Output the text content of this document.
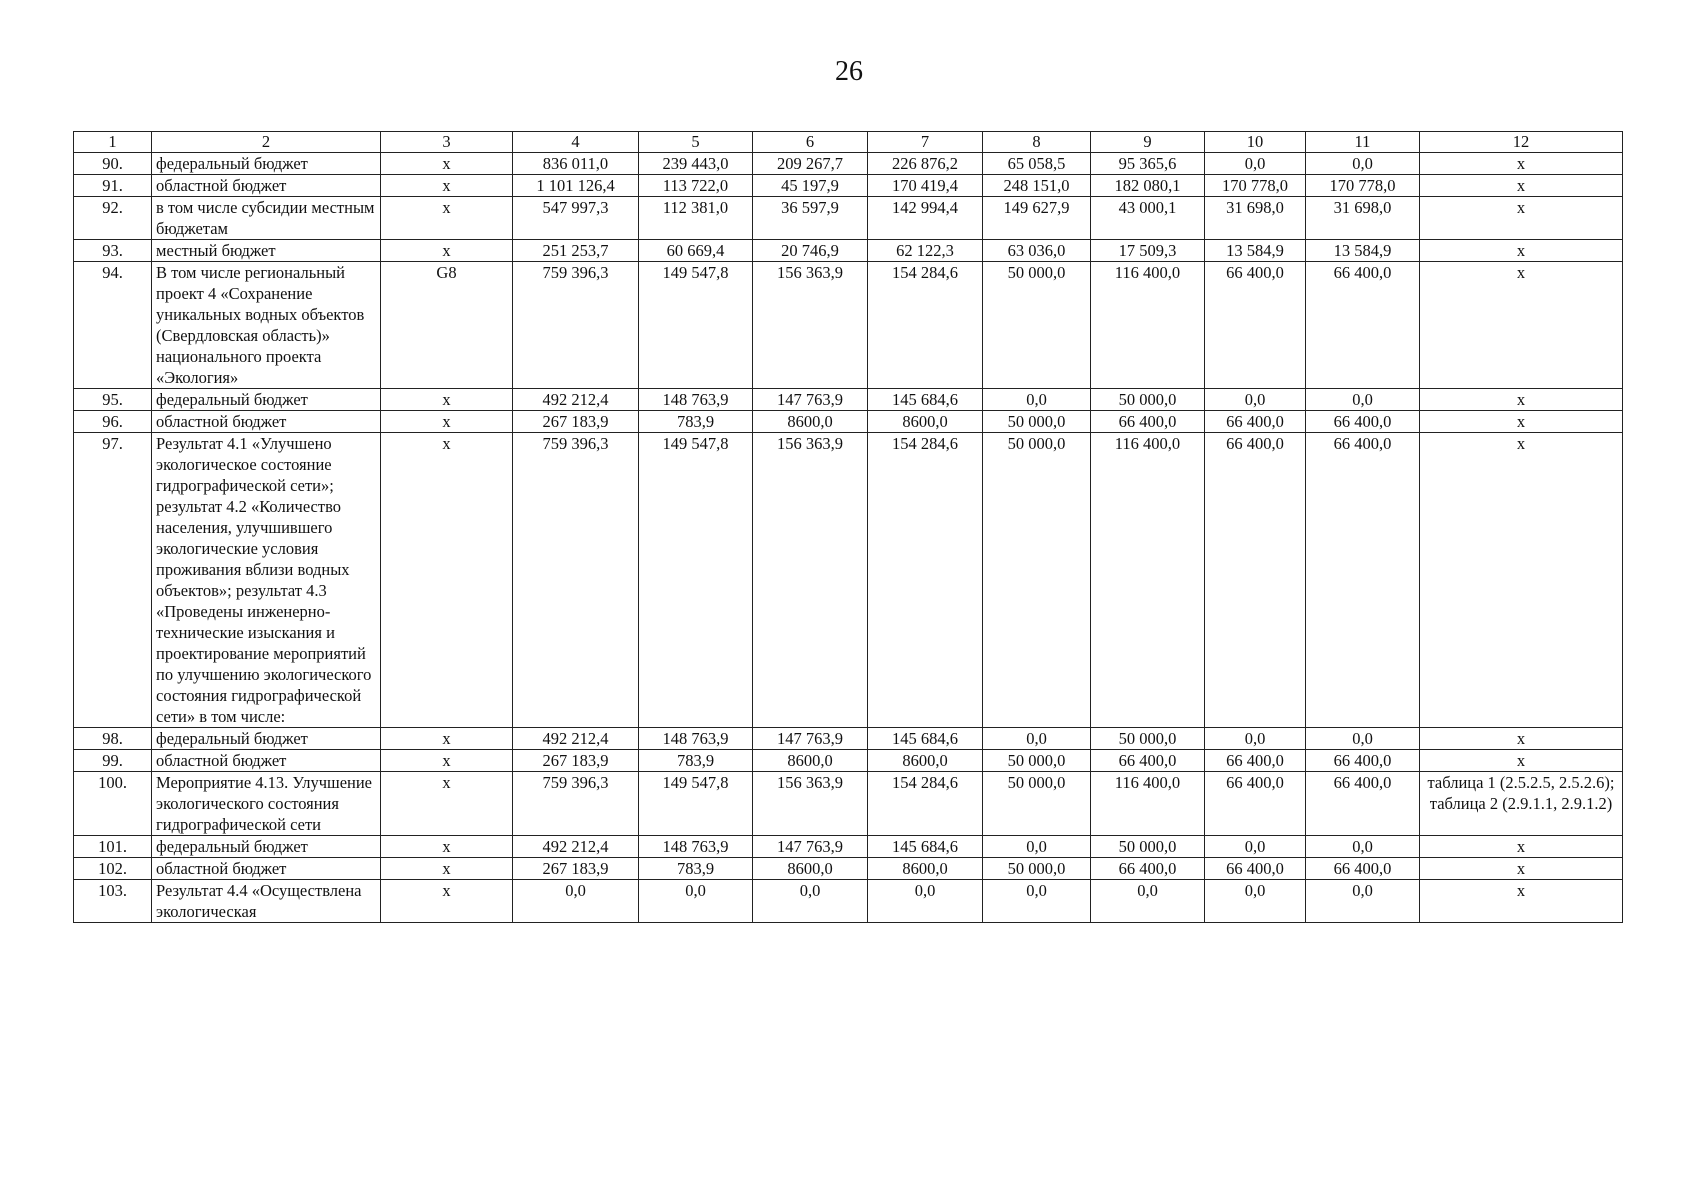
26
1	2	3	4	5	6	7	8	9	10	11	12
90.	федеральный бюджет	х	836 011,0	239 443,0	209 267,7	226 876,2	65 058,5	95 365,6	0,0	0,0	х
91.	областной бюджет	х	1 101 126,4	113 722,0	45 197,9	170 419,4	248 151,0	182 080,1	170 778,0	170 778,0	х
92.	в том числе субсидии местным бюджетам	х	547 997,3	112 381,0	36 597,9	142 994,4	149 627,9	43 000,1	31 698,0	31 698,0	х
93.	местный бюджет	х	251 253,7	60 669,4	20 746,9	62 122,3	63 036,0	17 509,3	13 584,9	13 584,9	х
94.	В том числе региональный проект 4 «Сохранение уникальных водных объектов (Свердловская область)» национального проекта «Экология»	G8	759 396,3	149 547,8	156 363,9	154 284,6	50 000,0	116 400,0	66 400,0	66 400,0	х
95.	федеральный бюджет	х	492 212,4	148 763,9	147 763,9	145 684,6	0,0	50 000,0	0,0	0,0	х
96.	областной бюджет	х	267 183,9	783,9	8600,0	8600,0	50 000,0	66 400,0	66 400,0	66 400,0	х
97.	Результат 4.1 «Улучшено экологическое состояние гидрографической сети»; результат 4.2 «Количество населения, улучшившего экологические условия проживания вблизи водных объектов»; результат 4.3 «Проведены инженерно-технические изыскания и проектирование мероприятий по улучшению экологического состояния гидрографической сети» в том числе:	х	759 396,3	149 547,8	156 363,9	154 284,6	50 000,0	116 400,0	66 400,0	66 400,0	х
98.	федеральный бюджет	х	492 212,4	148 763,9	147 763,9	145 684,6	0,0	50 000,0	0,0	0,0	х
99.	областной бюджет	х	267 183,9	783,9	8600,0	8600,0	50 000,0	66 400,0	66 400,0	66 400,0	х
100.	Мероприятие 4.13. Улучшение экологического состояния гидрографической сети	х	759 396,3	149 547,8	156 363,9	154 284,6	50 000,0	116 400,0	66 400,0	66 400,0	таблица 1 (2.5.2.5, 2.5.2.6); таблица 2 (2.9.1.1, 2.9.1.2)
101.	федеральный бюджет	х	492 212,4	148 763,9	147 763,9	145 684,6	0,0	50 000,0	0,0	0,0	х
102.	областной бюджет	х	267 183,9	783,9	8600,0	8600,0	50 000,0	66 400,0	66 400,0	66 400,0	х
103.	Результат 4.4 «Осуществлена экологическая	х	0,0	0,0	0,0	0,0	0,0	0,0	0,0	0,0	х
